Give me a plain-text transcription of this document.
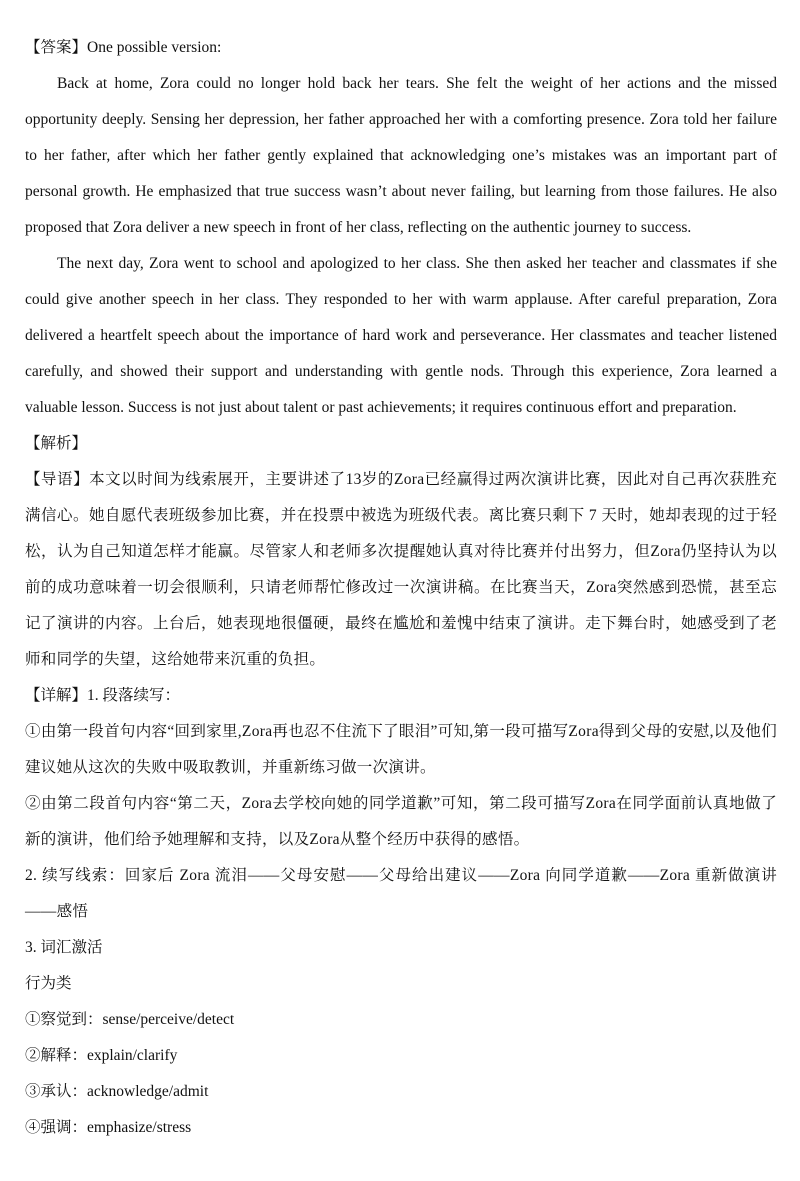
【答案】One possible version:

Back at home, Zora could no longer hold back her tears. She felt the weight of her actions and the missed opportunity deeply. Sensing her depression, her father approached her with a comforting presence. Zora told her failure to her father, after which her father gently explained that acknowledging one’s mistakes was an important part of personal growth. He emphasized that true success wasn’t about never failing, but learning from those failures. He also proposed that Zora deliver a new speech in front of her class, reflecting on the authentic journey to success.

The next day, Zora went to school and apologized to her class. She then asked her teacher and classmates if she could give another speech in her class. They responded to her with warm applause. After careful preparation, Zora delivered a heartfelt speech about the importance of hard work and perseverance. Her classmates and teacher listened carefully, and showed their support and understanding with gentle nods. Through this experience, Zora learned a valuable lesson. Success is not just about talent or past achievements; it requires continuous effort and preparation.

【解析】

【导语】本文以时间为线索展开，主要讲述了13岁的Zora已经赢得过两次演讲比赛，因此对自己再次获胜充满信心。她自愿代表班级参加比赛，并在投票中被选为班级代表。离比赛只剩下 7 天时，她却表现的过于轻松，认为自己知道怎样才能赢。尽管家人和老师多次提醒她认真对待比赛并付出努力，但Zora仍坚持认为以前的成功意味着一切会很顺利，只请老师帮忙修改过一次演讲稿。在比赛当天，Zora突然感到恐慌，甚至忘记了演讲的内容。上台后，她表现地很僵硬，最终在尴尬和羞愧中结束了演讲。走下舞台时，她感受到了老师和同学的失望，这给她带来沉重的负担。

【详解】1. 段落续写：

①由第一段首句内容“回到家里,Zora再也忍不住流下了眼泪”可知,第一段可描写Zora得到父母的安慰,以及他们建议她从这次的失败中吸取教训，并重新练习做一次演讲。

②由第二段首句内容“第二天，Zora去学校向她的同学道歉”可知，第二段可描写Zora在同学面前认真地做了新的演讲，他们给予她理解和支持，以及Zora从整个经历中获得的感悟。

2. 续写线索：回家后 Zora 流泪——父母安慰——父母给出建议——Zora 向同学道歉——Zora 重新做演讲——感悟

3. 词汇激活

行为类

①察觉到：sense/perceive/detect

②解释：explain/clarify

③承认：acknowledge/admit

④强调：emphasize/stress
